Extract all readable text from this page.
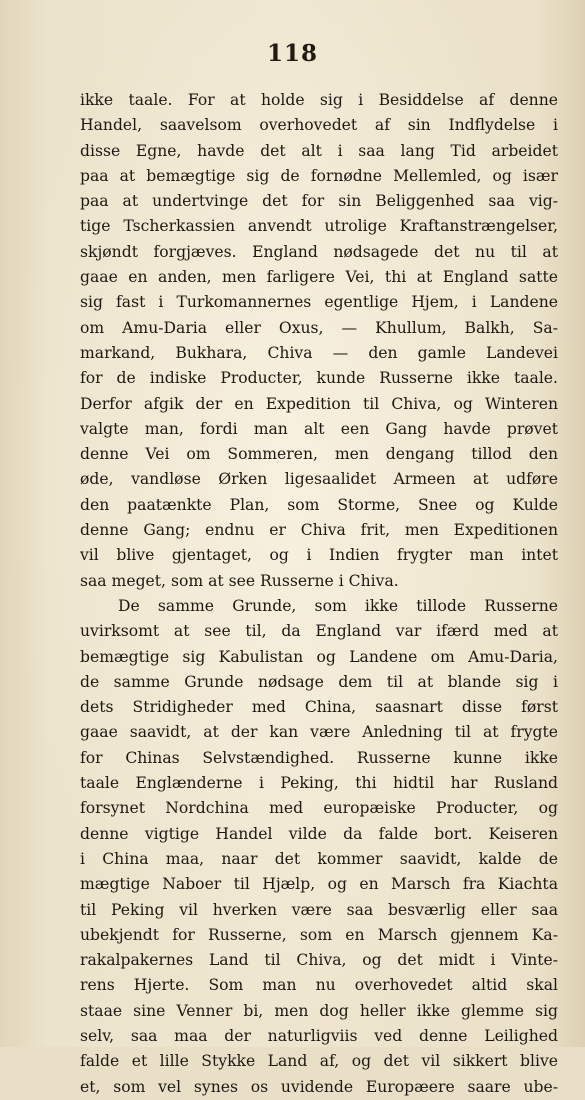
118
ikke taale. For at holde sig i Besiddelse af denne
Handel, saavelsom overhovedet af sin Indflydelse i
disse Egne, havde det alt i saa lang Tid arbeidet
paa at bemægtige sig de fornødne Mellemled, og især
paa at undertvinge det for sin Beliggenhed saa vig-
tige Tscherkassien anvendt utrolige Kraftanstrængelser,
skjøndt forgjæves. England nødsagede det nu til at
gaae en anden, men farligere Vei, thi at England satte
sig fast i Turkomannernes egentlige Hjem, i Landene
om Amu-Daria eller Oxus, — Khullum, Balkh, Sa-
markand, Bukhara, Chiva — den gamle Landevei
for de indiske Producter, kunde Russerne ikke taale.
Derfor afgik der en Expedition til Chiva, og Winteren
valgte man, fordi man alt een Gang havde prøvet
denne Vei om Sommeren, men dengang tillod den
øde, vandløse Ørken ligesaalidet Armeen at udføre
den paatænkte Plan, som Storme, Snee og Kulde
denne Gang; endnu er Chiva frit, men Expeditionen
vil blive gjentaget, og i Indien frygter man intet
saa meget, som at see Russerne i Chiva.
De samme Grunde, som ikke tillode Russerne
uvirksomt at see til, da England var ifærd med at
bemægtige sig Kabulistan og Landene om Amu-Daria,
de samme Grunde nødsage dem til at blande sig i
dets Stridigheder med China, saasnart disse først
gaae saavidt, at der kan være Anledning til at frygte
for Chinas Selvstændighed. Russerne kunne ikke
taale Englænderne i Peking, thi hidtil har Rusland
forsynet Nordchina med europæiske Producter, og
denne vigtige Handel vilde da falde bort. Keiseren
i China maa, naar det kommer saavidt, kalde de
mægtige Naboer til Hjælp, og en Marsch fra Kiachta
til Peking vil hverken være saa besværlig eller saa
ubekjendt for Russerne, som en Marsch gjennem Ka-
rakalpakernes Land til Chiva, og det midt i Vinte-
rens Hjerte. Som man nu overhovedet altid skal
staae sine Venner bi, men dog heller ikke glemme sig
selv, saa maa der naturligviis ved denne Leilighed
falde et lille Stykke Land af, og det vil sikkert blive
et, som vel synes os uvidende Europæere saare ube-
